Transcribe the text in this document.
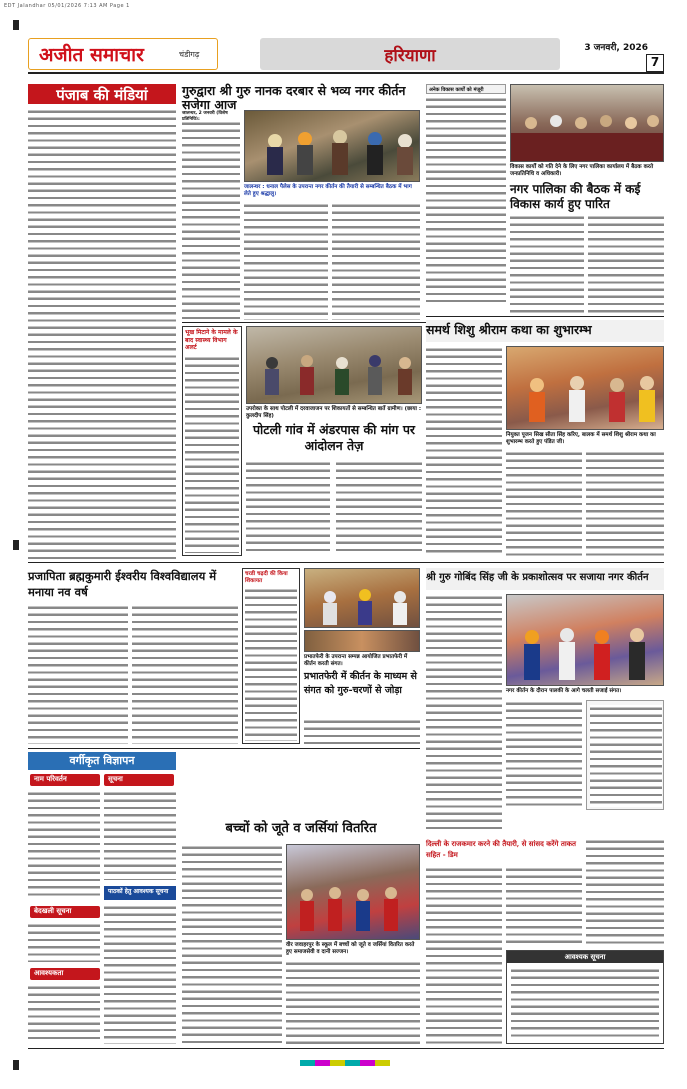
EDT Jalandhar 05/01/2026 7:13 AM Page 1
अजीत समाचार	चंडीगढ़	हरियाणा	3 जनवरी, 2026
7
पंजाब की मंडियां	गुरुद्वारा श्री गुरु नानक दरबार से भव्य नगर कीर्तन सजेगा आज
जालन्धर, 2 जनवरी (विशेष
जालन्धर : धनाल पैलेस के उपरान्त नगर कीर्तन की तैयारी से सम्बन्धित बैठक में भाग लेते हुए श्रद्धालु।
अनेक विकास कार्यों को मंजूरी
विकास कार्यों को गति देने के लिए नगर पालिका कार्यालय में बैठक करते जनप्रतिनिधि व अधिकारी।
नगर पालिका की बैठक में कई विकास कार्य हुए पारित
भूख मिटाने के मामले के बाद स्वास्थ्य विभाग अलर्ट
उपरोक्त के साथ पोटली में दरवाजाजन पर शिकायतों से सम्बन्धित बातें ग्रामीण। (छाया : कुलदीप सिंह)
पोटली गांव में अंडरपास की मांग पर आंदोलन तेज़
समर्थ शिशु श्रीराम कथा का शुभारम्भ
नियुक्त पूजन सिख सीता सिंह करिए, बालक में समर्थ शिशु श्रीराम कथा का शुभारम्भ करते हुए पंडित जी।
प्रजापिता ब्रह्मकुमारी ईश्वरीय विश्वविद्यालय में मनाया नव वर्ष
चरडी चढ़दी की किया शिकायत
प्रभातफेरी के उपरान्त सम्पन्न आयोजित प्रभातफेरी में कीर्तन करती संगत।
प्रभातफेरी में कीर्तन के माध्यम से संगत को गुरु-चरणों से जोड़ा
श्री गुरु गोबिंद सिंह जी के प्रकाशोत्सव पर सजाया नगर कीर्तन
नगर कीर्तन के दौरान पालकी के आगे चलती सजाई संगत।
वर्गीकृत विज्ञापन
नाम परिवर्तन	सूचना
बेदखली सूचना
पाठकों हेतु आवश्यक सूचना
आवश्यकता
बच्चों को जूते व जर्सियां वितरित
वीर जवाहरपुर के स्कूल में बच्चों को जूते व जर्सियां वितरित करते हुए समाजसेवी व दानी सज्जन।
दिल्ली के राजकमार करने की तैयारी, से सांसद करेंगे ताकत सहित - डिम
आवश्यक सूचना
